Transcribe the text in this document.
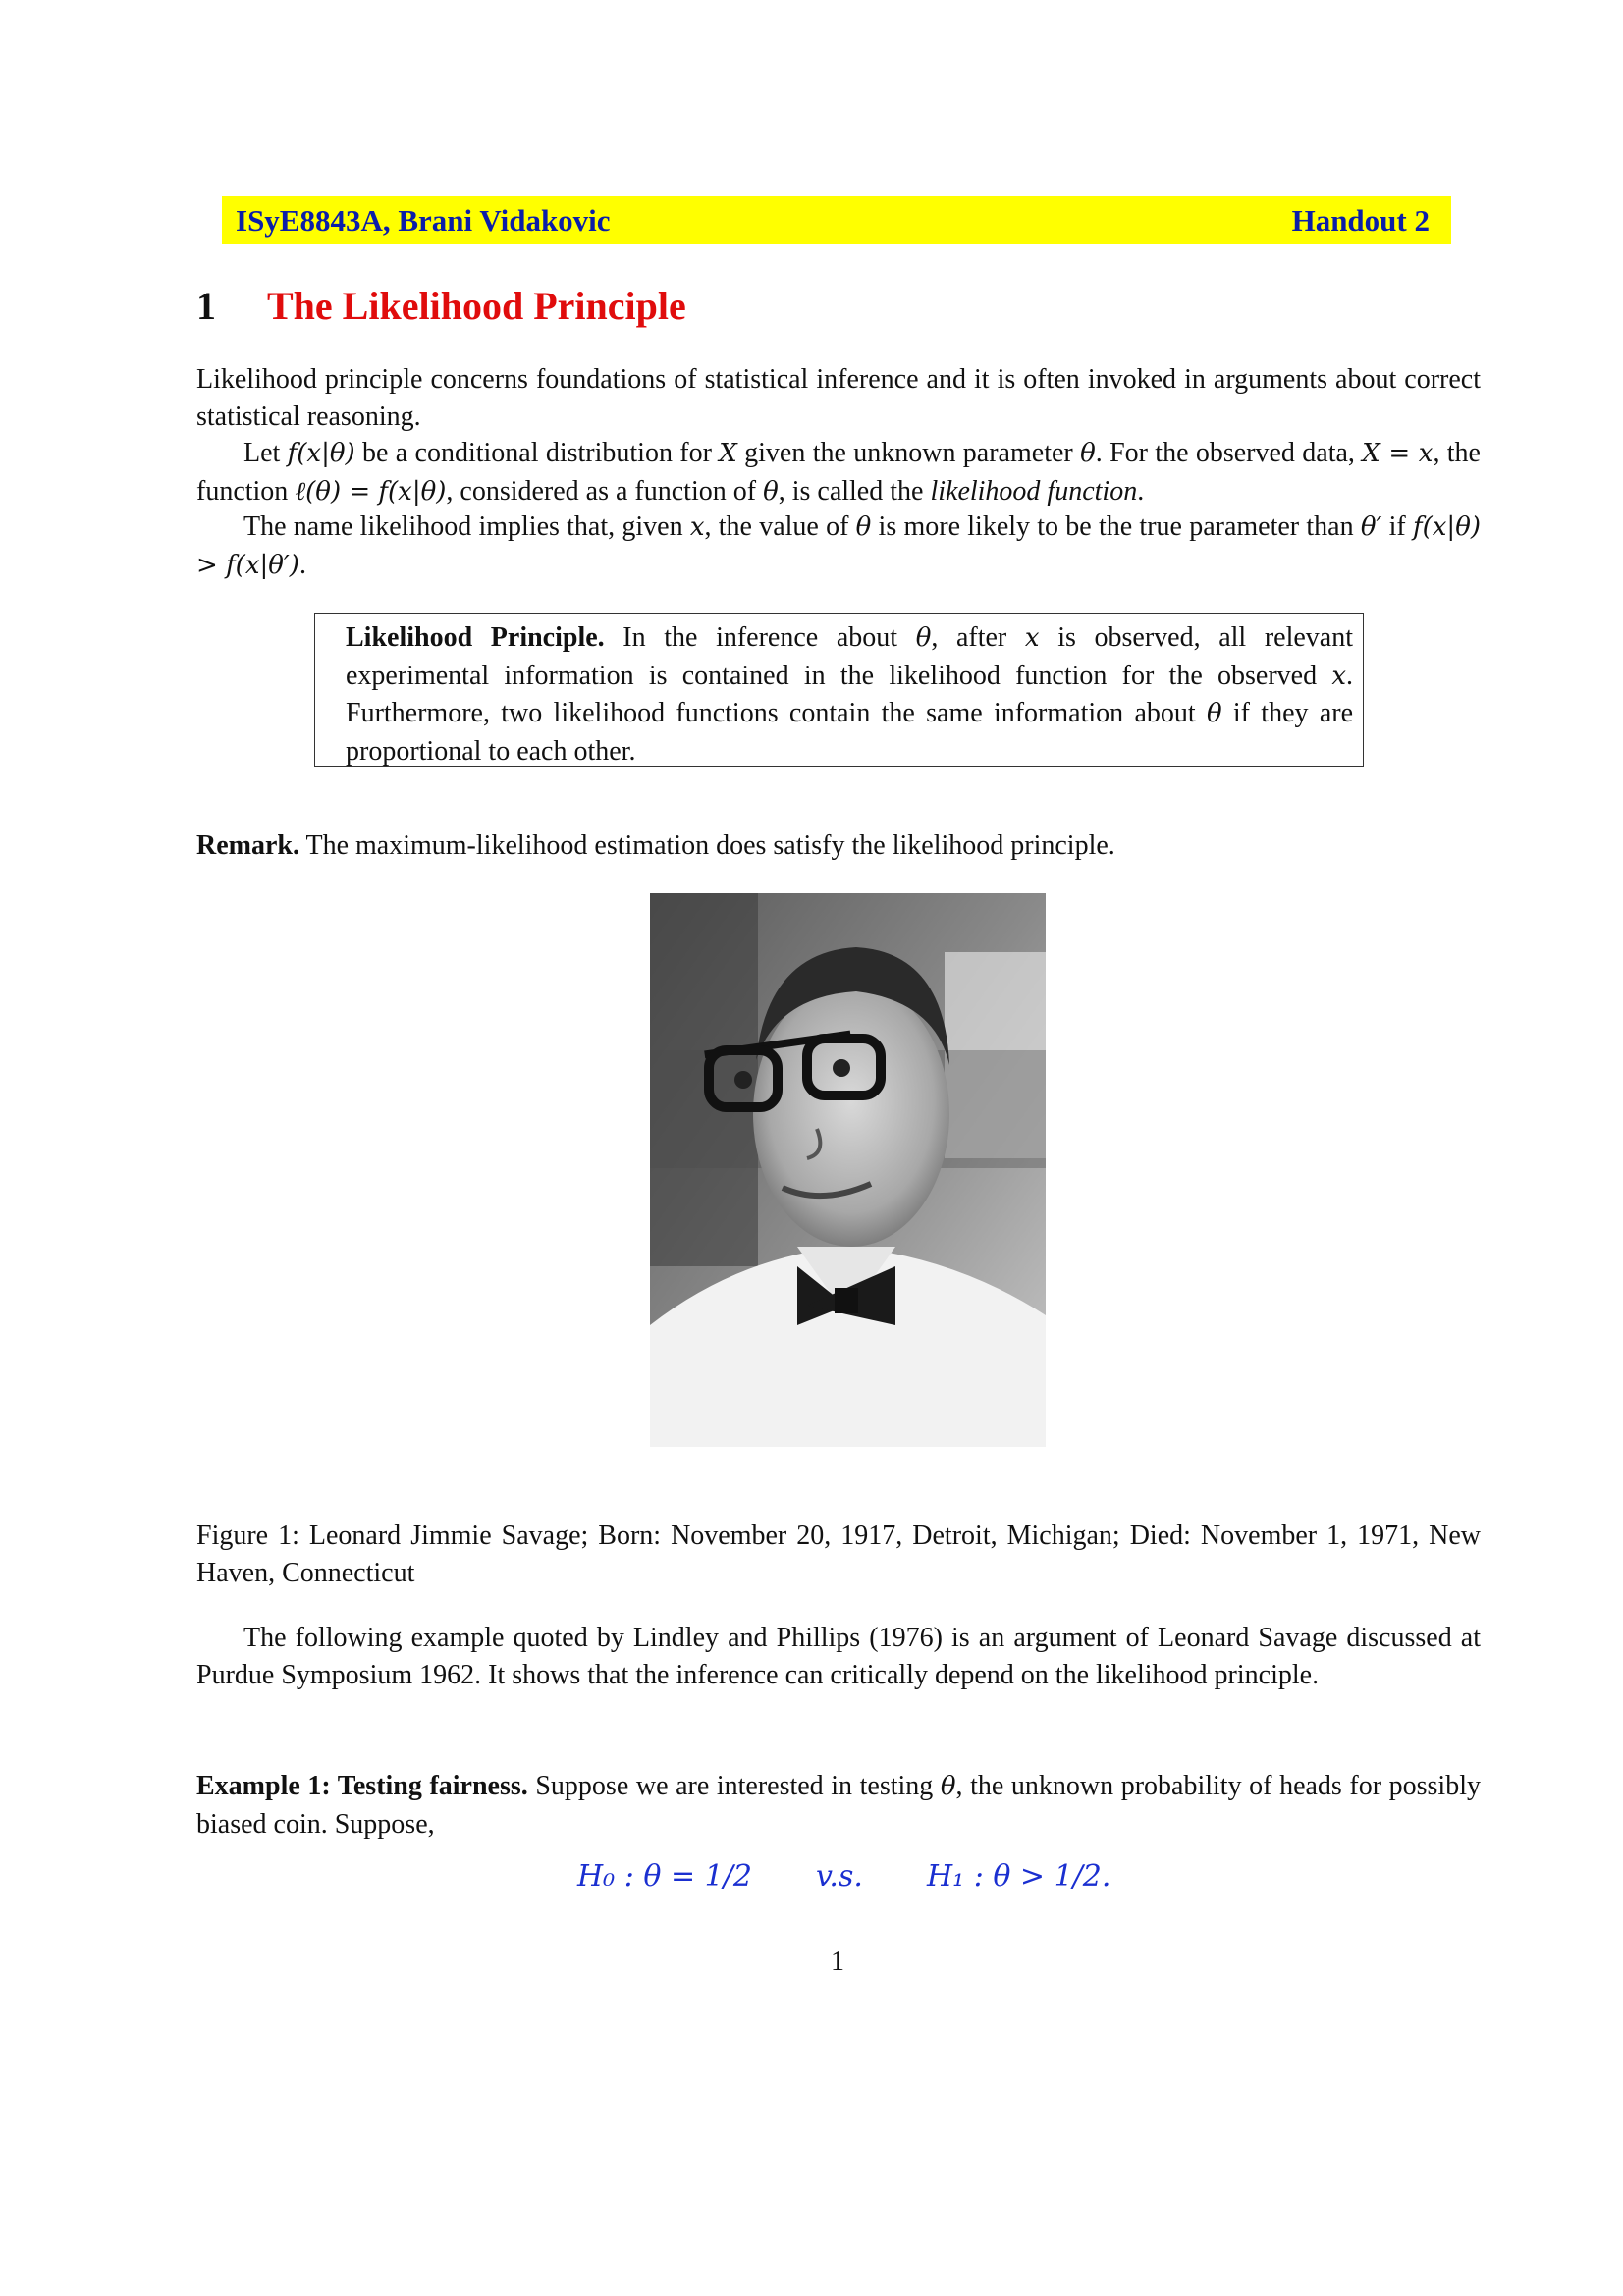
ISyE8843A, Brani Vidakovic	Handout 2
1 The Likelihood Principle

Likelihood principle concerns foundations of statistical inference and it is often invoked in arguments about correct statistical reasoning.

Let f(x|θ) be a conditional distribution for X given the unknown parameter θ. For the observed data, X = x, the function ℓ(θ) = f(x|θ), considered as a function of θ, is called the likelihood function.

The name likelihood implies that, given x, the value of θ is more likely to be the true parameter than θ′ if f(x|θ) > f(x|θ′).

Likelihood Principle. In the inference about θ, after x is observed, all relevant experimental information is contained in the likelihood function for the observed x. Furthermore, two likelihood functions contain the same information about θ if they are proportional to each other.

Remark. The maximum-likelihood estimation does satisfy the likelihood principle.

Figure 1: Leonard Jimmie Savage; Born: November 20, 1917, Detroit, Michigan; Died: November 1, 1971, New Haven, Connecticut

The following example quoted by Lindley and Phillips (1976) is an argument of Leonard Savage discussed at Purdue Symposium 1962. It shows that the inference can critically depend on the likelihood principle.

Example 1: Testing fairness. Suppose we are interested in testing θ, the unknown probability of heads for possibly biased coin. Suppose,

H₀ : θ = 1/2 v.s. H₁ : θ > 1/2.
1
